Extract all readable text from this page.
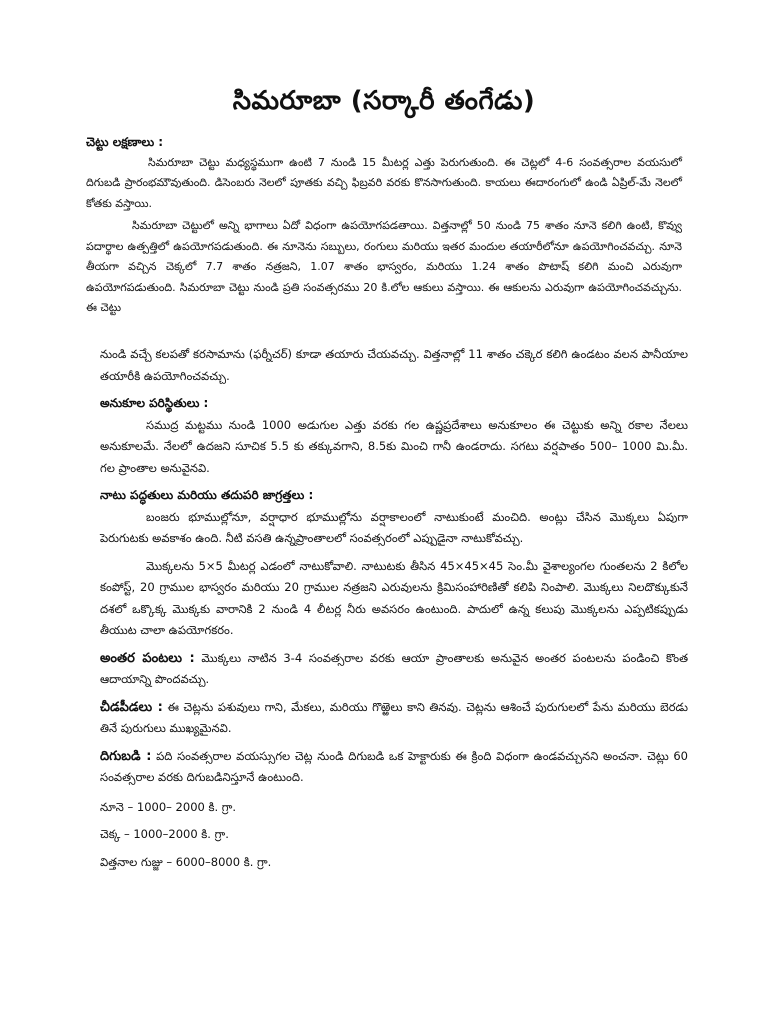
సిమరూబా (సర్కారీ తంగేడు)

చెట్టు లక్షణాలు :

సిమరూబా చెట్టు మధ్యస్థముగా ఉంటి 7 నుండి 15 మీటర్ల ఎత్తు పెరుగుతుంది. ఈ చెట్లలో 4-6 సంవత్సరాల వయసులో దిగుబడి ప్రారంభమౌవుతుంది. డిసెంబరు నెలలో పూతకు వచ్చి ఫిబ్రవరి వరకు కొనసాగుతుంది. కాయలు ఈదారంగులో ఉండి ఏప్రిల్-మే నెలలో కోతకు వస్తాయి.

సిమరూబా చెట్టులో అన్ని భాగాలు ఏదో విధంగా ఉపయోగపడతాయి. విత్తనాల్లో 50 నుండి 75 శాతం నూనె కలిగి ఉంటి, కొవ్వు పదార్థాల ఉత్పత్తిలో ఉపయోగపడుతుంది. ఈ నూనెను సబ్బులు, రంగులు మరియు ఇతర మందుల తయారీలోనూ ఉపయోగించవచ్చు. నూనె తీయగా వచ్చిన చెక్కలో 7.7 శాతం నత్రజని, 1.07 శాతం భాస్వరం, మరియు 1.24 శాతం పొటాష్ కలిగి మంచి ఎరువుగా ఉపయోగపడుతుంది. సిమరూబా చెట్టు నుండి ప్రతి సంవత్సరము 20 కి.లోల ఆకులు వస్తాయి. ఈ ఆకులను ఎరువుగా ఉపయోగించవచ్చును. ఈ చెట్టు

నుండి వచ్చే కలపతో కరసామాను (ఫర్నీచర్) కూడా తయారు చేయవచ్చు. విత్తనాల్లో 11 శాతం చక్కెర కలిగి ఉండటం వలన పానీయాల తయారీకి ఉపయోగించవచ్చు.

అనుకూల పరిస్థితులు :

సముద్ర మట్టము నుండి 1000 అడుగుల ఎత్తు వరకు గల ఉష్ణప్రదేశాలు అనుకూలం ఈ చెట్టుకు అన్ని రకాల నేలలు అనుకూలమే. నేలలో ఉదజని సూచిక 5.5 కు తక్కువగాని, 8.5కు మించి గానీ ఉండరాదు. సగటు వర్షపాతం 500– 1000 మి.మీ. గల ప్రాంతాల అనువైనవి.

నాటు పద్ధతులు మరియు తదుపరి జాగ్రత్తలు :

బంజరు భూముల్లోనూ, వర్షాధార భూముల్లోను వర్షాకాలంలో నాటుకుంటే మంచిది. అంట్లు చేసిన మొక్కలు ఏపుగా పెరుగుటకు అవకాశం ఉంది. నీటి వసతి ఉన్నప్రాంతాలలో సంవత్సరంలో ఎప్పుడైనా నాటుకోవచ్చు.

మొక్కలను 5×5 మీటర్ల ఎడంలో నాటుకోవాలి. నాటుటకు తీసిన 45×45×45 సెం.మీ వైశాల్యంగల గుంతలను 2 కిలోల కంపోస్ట్, 20 గ్రాముల భాస్వరం మరియు 20 గ్రాముల నత్రజని ఎరువులను క్రిమిసంహారిణితో కలిపి నింపాలి. మొక్కలు నిలదొక్కుకునే దశలో ఒక్కొక్క మొక్కకు వారానికి 2 నుండి 4 లీటర్ల నీరు అవసరం ఉంటుంది. పాదులో ఉన్న కలుపు మొక్కలను ఎప్పటికప్పుడు తీయుట చాలా ఉపయోగకరం.

అంతర పంటలు : మొక్కలు నాటిన 3-4 సంవత్సరాల వరకు ఆయా ప్రాంతాలకు అనువైన అంతర పంటలను పండించి కొంత ఆదాయాన్ని పొందవచ్చు.

చీడపీడలు : ఈ చెట్లను పశువులు గాని, మేకలు, మరియు గొఱ్ఱెలు కాని తినవు. చెట్లను ఆశించే పురుగులలో పేను మరియు బెరడు తినే పురుగులు ముఖ్యమైనవి.

దిగుబడి : పది సంవత్సరాల వయస్సుగల చెట్ల నుండి దిగుబడి ఒక హెక్టారుకు ఈ క్రింది విధంగా ఉండవచ్చునని అంచనా. చెట్లు 60 సంవత్సరాల వరకు దిగుబడినిస్తూనే ఉంటుంది.

నూనె – 1000– 2000 కి. గ్రా.

చెక్క – 1000–2000 కి. గ్రా.

విత్తనాల గుజ్జు – 6000–8000 కి. గ్రా.
